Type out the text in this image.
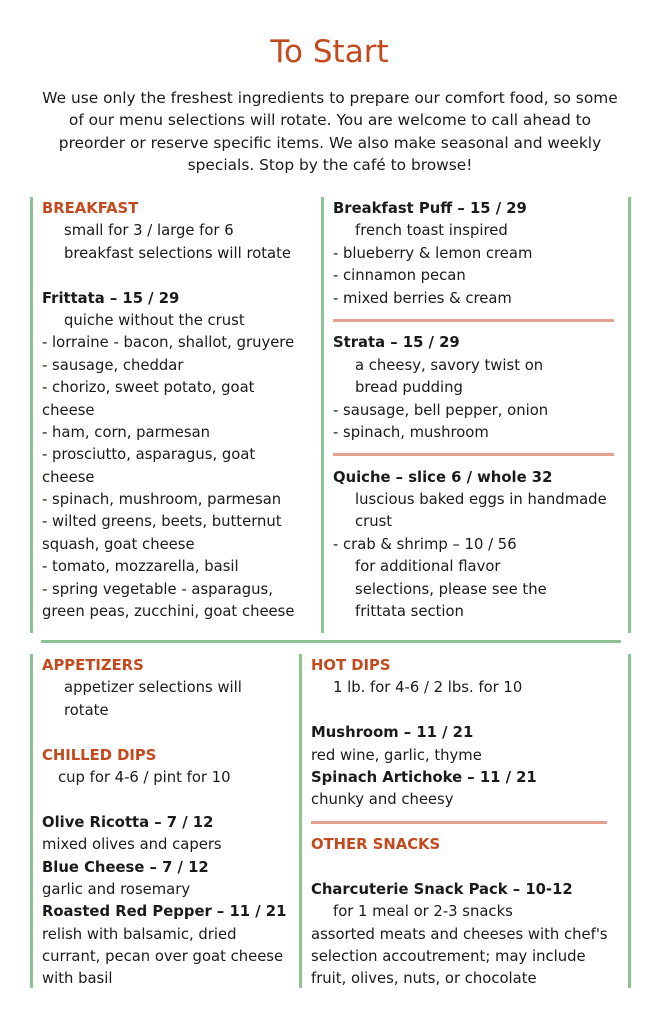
To Start

We use only the freshest ingredients to prepare our comfort food, so some of our menu selections will rotate. You are welcome to call ahead to preorder or reserve specific items. We also make seasonal and weekly specials. Stop by the café to browse!

BREAKFAST
small for 3 / large for 6
breakfast selections will rotate
Frittata – 15 / 29
quiche without the crust
- lorraine - bacon, shallot, gruyere
- sausage, cheddar
- chorizo, sweet potato, goat
cheese
- ham, corn, parmesan
- prosciutto, asparagus, goat
cheese
- spinach, mushroom, parmesan
- wilted greens, beets, butternut
squash, goat cheese
- tomato, mozzarella, basil
- spring vegetable - asparagus,
green peas, zucchini, goat cheese
Breakfast Puff – 15 / 29
french toast inspired
- blueberry & lemon cream
- cinnamon pecan
- mixed berries & cream
Strata – 15 / 29
a cheesy, savory twist on
bread pudding
- sausage, bell pepper, onion
- spinach, mushroom
Quiche – slice 6 / whole 32
luscious baked eggs in handmade
crust
- crab & shrimp – 10 / 56
for additional flavor
selections, please see the
frittata section
APPETIZERS
appetizer selections will
rotate
CHILLED DIPS
cup for 4-6 / pint for 10
Olive Ricotta – 7 / 12
mixed olives and capers
Blue Cheese – 7 / 12
garlic and rosemary
Roasted Red Pepper – 11 / 21
relish with balsamic, dried
currant, pecan over goat cheese
with basil
HOT DIPS
1 lb. for 4-6 / 2 lbs. for 10
Mushroom – 11 / 21
red wine, garlic, thyme
Spinach Artichoke – 11 / 21
chunky and cheesy
OTHER SNACKS
Charcuterie Snack Pack – 10-12
for 1 meal or 2-3 snacks
assorted meats and cheeses with chef's
selection accoutrement; may include
fruit, olives, nuts, or chocolate
